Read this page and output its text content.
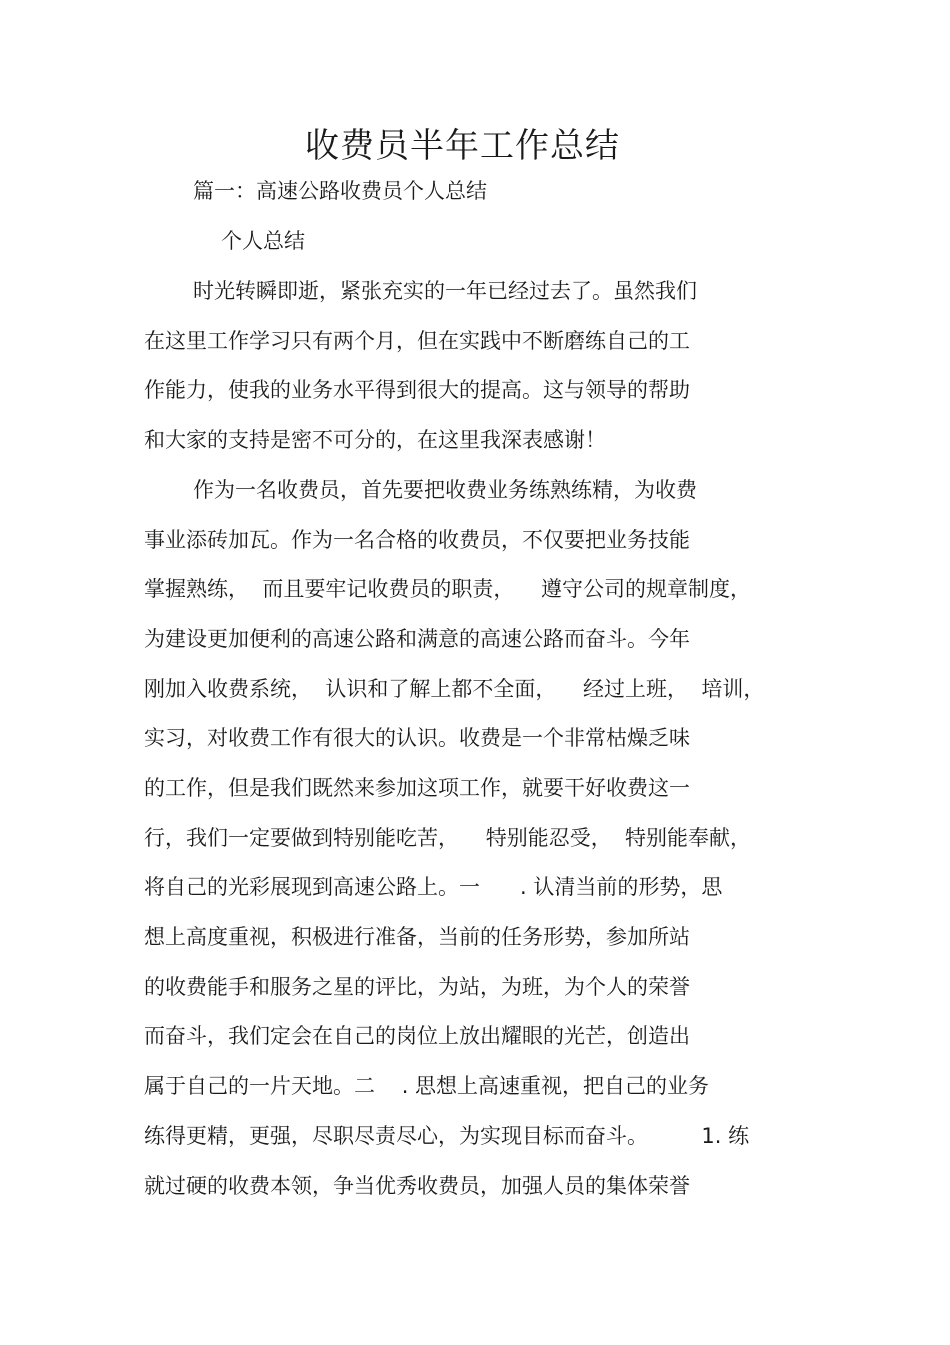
收费员半年工作总结
篇一：高速公路收费员个人总结
个人总结
时光转瞬即逝，紧张充实的一年已经过去了。虽然我们
在这里工作学习只有两个月，但在实践中不断磨练自己的工
作能力，使我的业务水平得到很大的提高。这与领导的帮助
和大家的支持是密不可分的，在这里我深表感谢！
作为一名收费员，首先要把收费业务练熟练精，为收费
事业添砖加瓦。作为一名合格的收费员，不仅要把业务技能
掌握熟练，  而且要牢记收费员的职责，    遵守公司的规章制度，
为建设更加便利的高速公路和满意的高速公路而奋斗。今年
刚加入收费系统，  认识和了解上都不全面，    经过上班，  培训，
实习，对收费工作有很大的认识。收费是一个非常枯燥乏味
的工作，但是我们既然来参加这项工作，就要干好收费这一
行，我们一定要做到特别能吃苦，    特别能忍受，  特别能奉献，
将自己的光彩展现到高速公路上。一      . 认清当前的形势，思
想上高度重视，积极进行准备，当前的任务形势，参加所站
的收费能手和服务之星的评比，为站，为班，为个人的荣誉
而奋斗，我们定会在自己的岗位上放出耀眼的光芒，创造出
属于自己的一片天地。二    . 思想上高速重视，把自己的业务
练得更精，更强，尽职尽责尽心，为实现目标而奋斗。        1. 练
就过硬的收费本领，争当优秀收费员，加强人员的集体荣誉
